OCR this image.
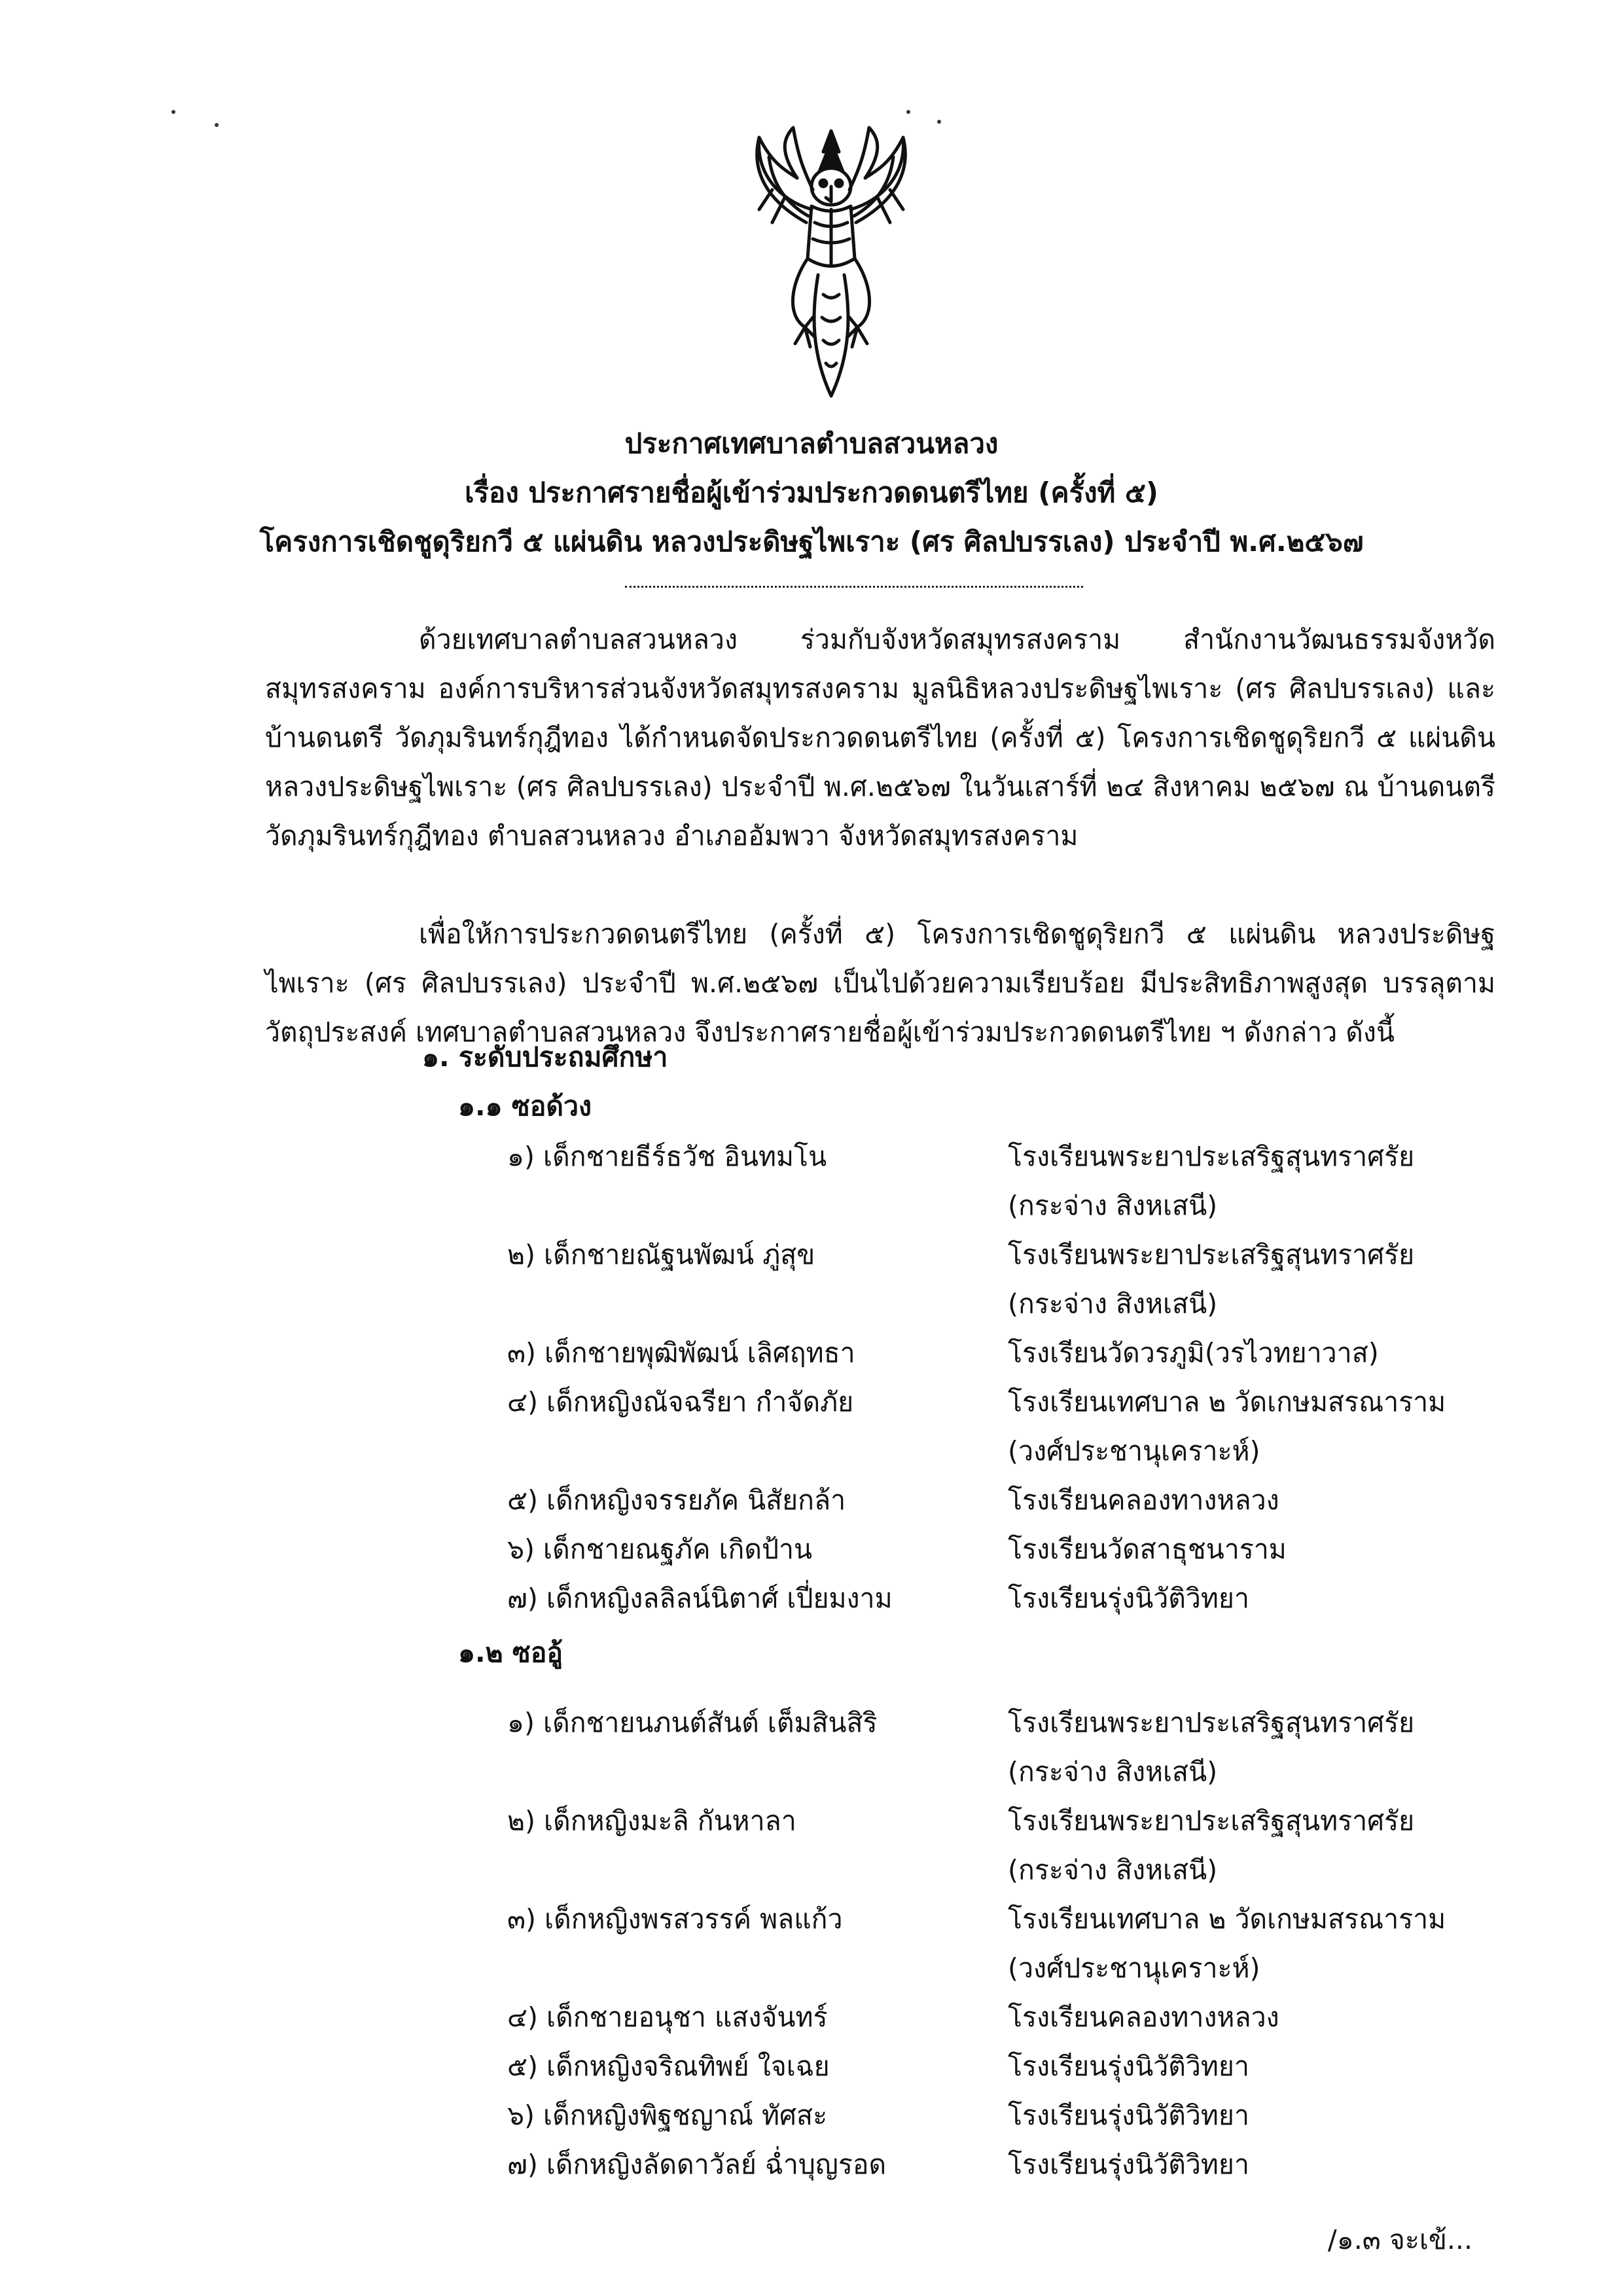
ประกาศเทศบาลตำบลสวนหลวง
เรื่อง ประกาศรายชื่อผู้เข้าร่วมประกวดดนตรีไทย (ครั้งที่ ๕)
โครงการเชิดชูดุริยกวี ๕ แผ่นดิน หลวงประดิษฐไพเราะ (ศร ศิลปบรรเลง) ประจำปี พ.ศ.๒๕๖๗
ด้วยเทศบาลตำบลสวนหลวง ร่วมกับจังหวัดสมุทรสงคราม สำนักงานวัฒนธรรมจังหวัดสมุทรสงคราม องค์การบริหารส่วนจังหวัดสมุทรสงคราม มูลนิธิหลวงประดิษฐไพเราะ (ศร ศิลปบรรเลง) และบ้านดนตรี วัดภุมรินทร์กุฎีทอง ได้กำหนดจัดประกวดดนตรีไทย (ครั้งที่ ๕) โครงการเชิดชูดุริยกวี ๕ แผ่นดิน หลวงประดิษฐไพเราะ (ศร ศิลปบรรเลง) ประจำปี พ.ศ.๒๕๖๗ ในวันเสาร์ที่ ๒๔ สิงหาคม ๒๕๖๗ ณ บ้านดนตรี วัดภุมรินทร์กุฎีทอง ตำบลสวนหลวง อำเภออัมพวา จังหวัดสมุทรสงคราม
เพื่อให้การประกวดดนตรีไทย (ครั้งที่ ๕) โครงการเชิดชูดุริยกวี ๕ แผ่นดิน หลวงประดิษฐไพเราะ (ศร ศิลปบรรเลง) ประจำปี พ.ศ.๒๕๖๗ เป็นไปด้วยความเรียบร้อย มีประสิทธิภาพสูงสุด บรรลุตามวัตถุประสงค์ เทศบาลตำบลสวนหลวง จึงประกาศรายชื่อผู้เข้าร่วมประกวดดนตรีไทย ฯ ดังกล่าว ดังนี้
๑. ระดับประถมศึกษา
๑.๑ ซอด้วง
๑) เด็กชายธีร์ธวัช อินทมโน	โรงเรียนพระยาประเสริฐสุนทราศรัย
(กระจ่าง สิงหเสนี)
๒) เด็กชายณัฐนพัฒน์ ภู่สุข	โรงเรียนพระยาประเสริฐสุนทราศรัย
(กระจ่าง สิงหเสนี)
๓) เด็กชายพุฒิพัฒน์ เลิศฤทธา	โรงเรียนวัดวรภูมิ(วรไวทยาวาส)
๔) เด็กหญิงณัจฉรียา กำจัดภัย	โรงเรียนเทศบาล ๒ วัดเกษมสรณาราม
(วงศ์ประชานุเคราะห์)
๕) เด็กหญิงจรรยภัค นิสัยกล้า	โรงเรียนคลองทางหลวง
๖) เด็กชายณฐภัค เกิดป้าน	โรงเรียนวัดสาธุชนาราม
๗) เด็กหญิงลลิลน์นิตาศ์ เปี่ยมงาม	โรงเรียนรุ่งนิวัติวิทยา
๑.๒ ซออู้
๑) เด็กชายนภนต์สันต์ เต็มสินสิริ	โรงเรียนพระยาประเสริฐสุนทราศรัย
(กระจ่าง สิงหเสนี)
๒) เด็กหญิงมะลิ กันหาลา	โรงเรียนพระยาประเสริฐสุนทราศรัย
(กระจ่าง สิงหเสนี)
๓) เด็กหญิงพรสวรรค์ พลแก้ว	โรงเรียนเทศบาล ๒ วัดเกษมสรณาราม
(วงศ์ประชานุเคราะห์)
๔) เด็กชายอนุชา แสงจันทร์	โรงเรียนคลองทางหลวง
๕) เด็กหญิงจริณทิพย์ ใจเฉย	โรงเรียนรุ่งนิวัติวิทยา
๖) เด็กหญิงพิฐชญาณ์ ทัศสะ	โรงเรียนรุ่งนิวัติวิทยา
๗) เด็กหญิงลัดดาวัลย์ ฉ่ำบุญรอด	โรงเรียนรุ่งนิวัติวิทยา
/๑.๓ จะเข้...
